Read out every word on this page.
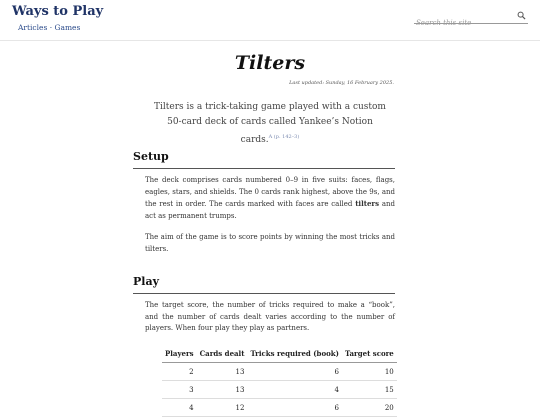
Ways to Play
Articles · Games
Search this site
Tilters
Last updated: Sunday, 16 February 2025.
Tilters is a trick-taking game played with a custom 50-card deck of cards called Yankee’s Notion cards.$^{A (p. 142-3)}$
Setup
The deck comprises cards numbered 0–9 in five suits: faces, flags, eagles, stars, and shields. The 0 cards rank highest, above the 9s, and the rest in order. The cards marked with faces are called tilters and act as permanent trumps.
The aim of the game is to score points by winning the most tricks and tilters.
Play
The target score, the number of tricks required to make a “book”, and the number of cards dealt varies according to the number of players. When four play they play as partners.
Players	Cards dealt	Tricks required (book)	Target score
2	13	6	10
3	13	4	15
4	12	6	20
